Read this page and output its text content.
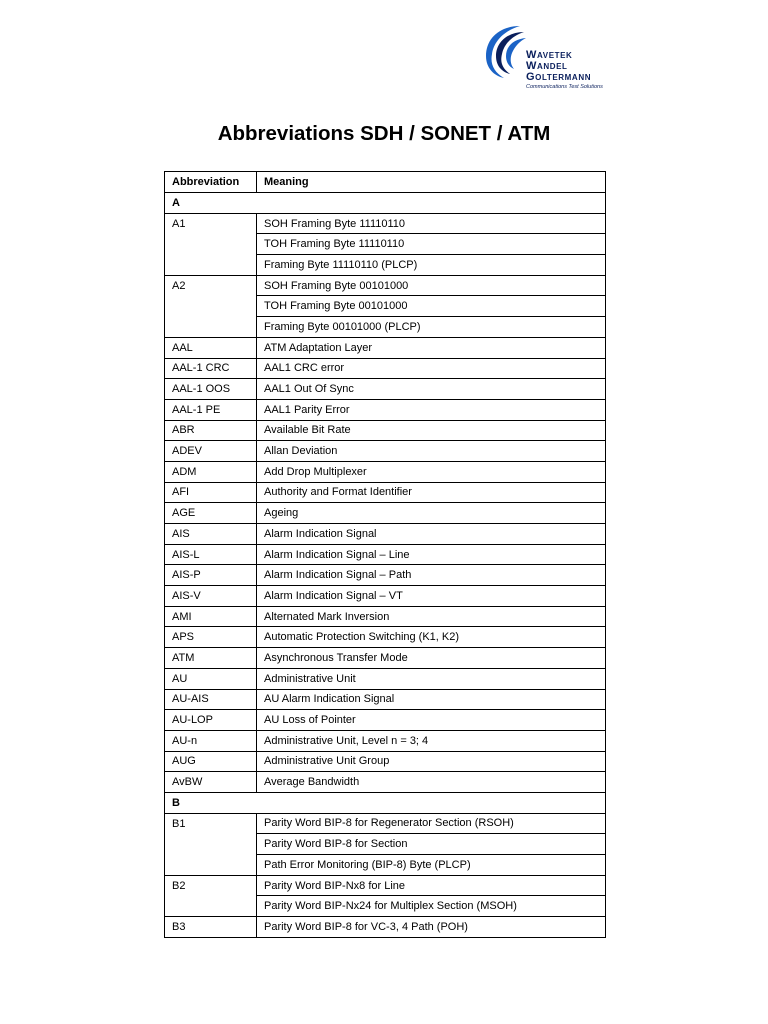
Wavetek
Wandel
Goltermann
Communications Test Solutions
Abbreviations SDH / SONET / ATM
Abbreviation	Meaning
A	
A1	SOH Framing Byte 11110110
	TOH Framing Byte 11110110
	Framing Byte 11110110 (PLCP)
A2	SOH Framing Byte 00101000
	TOH Framing Byte 00101000
	Framing Byte 00101000 (PLCP)
AAL	ATM Adaptation Layer
AAL-1 CRC	AAL1 CRC error
AAL-1 OOS	AAL1 Out Of Sync
AAL-1 PE	AAL1 Parity Error
ABR	Available Bit Rate
ADEV	Allan Deviation
ADM	Add Drop Multiplexer
AFI	Authority and Format Identifier
AGE	Ageing
AIS	Alarm Indication Signal
AIS-L	Alarm Indication Signal – Line
AIS-P	Alarm Indication Signal – Path
AIS-V	Alarm Indication Signal – VT
AMI	Alternated Mark Inversion
APS	Automatic Protection Switching (K1, K2)
ATM	Asynchronous Transfer Mode
AU	Administrative Unit
AU-AIS	AU Alarm Indication Signal
AU-LOP	AU Loss of Pointer
AU-n	Administrative Unit, Level n = 3; 4
AUG	Administrative Unit Group
AvBW	Average Bandwidth
B	
B1	Parity Word BIP-8 for Regenerator Section (RSOH)
	Parity Word BIP-8 for Section
	Path Error Monitoring (BIP-8) Byte (PLCP)
B2	Parity Word BIP-Nx8 for Line
	Parity Word BIP-Nx24 for Multiplex Section (MSOH)
B3	Parity Word BIP-8 for VC-3, 4 Path (POH)
